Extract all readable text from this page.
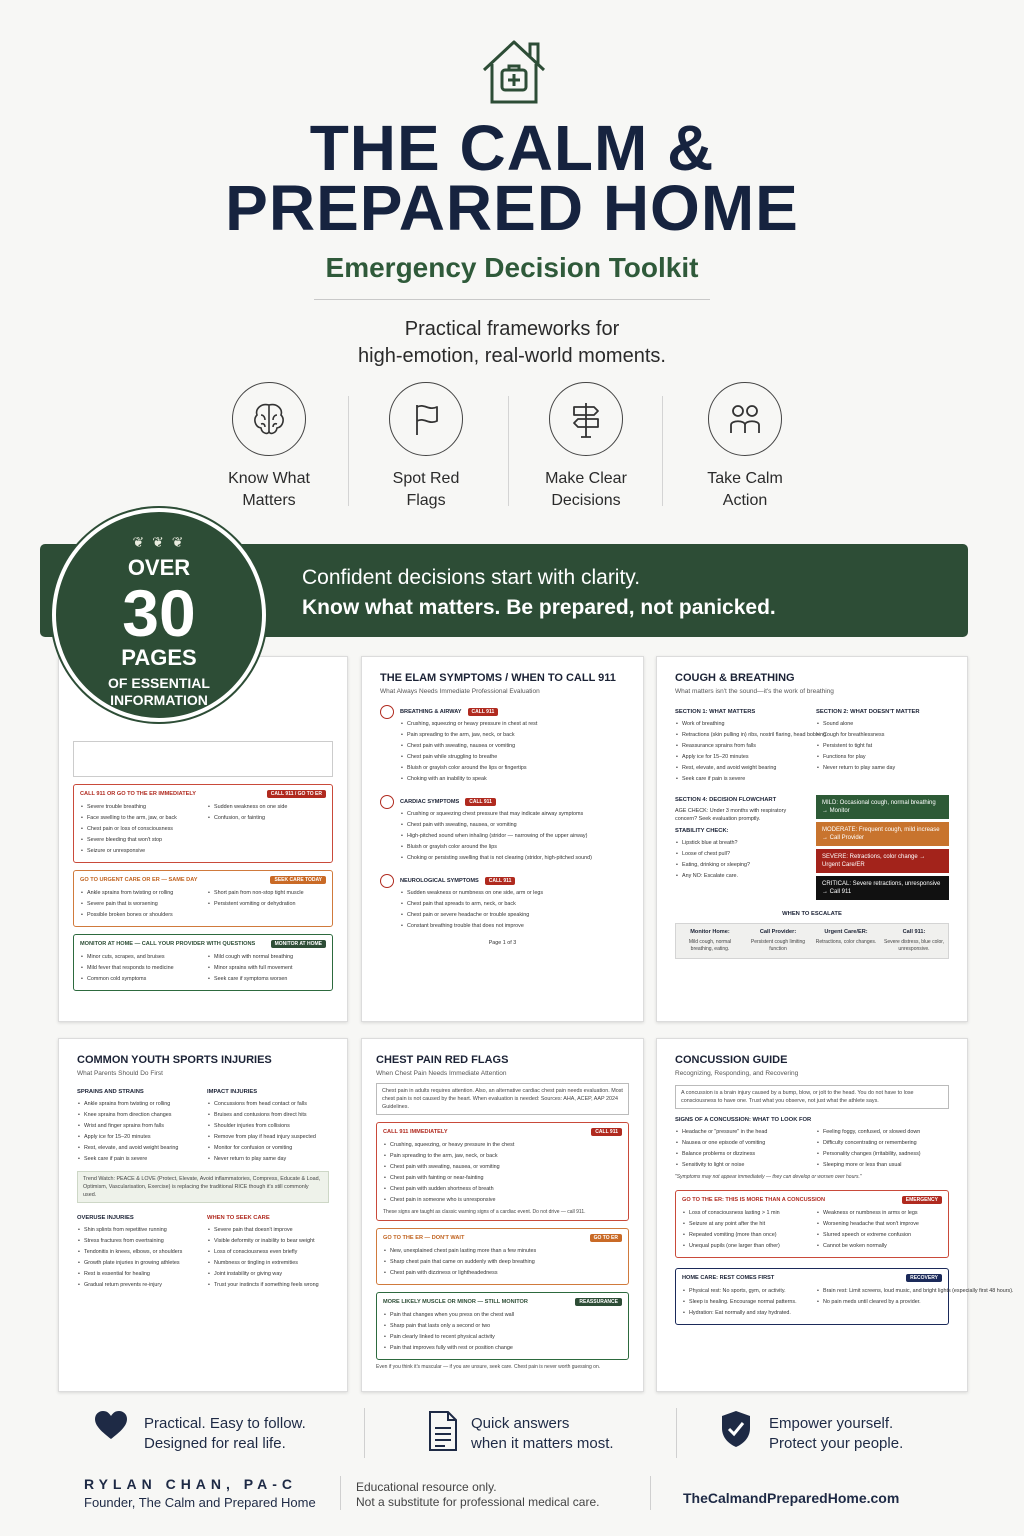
THE CALM &
PREPARED HOME
Emergency Decision Toolkit
Practical frameworks for
high-emotion, real-world moments.
Know What
Matters
Spot Red
Flags
Make Clear
Decisions
Take Calm
Action
Confident decisions start with clarity.
Know what matters. Be prepared, not panicked.
CALL 911 OR GO TO THE ER IMMEDIATELY	CALL 911 / GO TO ER
• Severe trouble breathing
• Face swelling to the arm, jaw, or back
• Chest pain or loss of consciousness
• Severe bleeding that won't stop
• Seizure or unresponsive
• Sudden weakness on one side
• Confusion, or fainting
GO TO URGENT CARE OR ER — SAME DAY	SEEK CARE TODAY
• Ankle sprains from twisting or rolling
• Severe pain that is worsening
• Possible broken bones or shoulders
• Short pain from non-stop tight muscle
• Persistent vomiting or dehydration
MONITOR AT HOME — CALL YOUR PROVIDER WITH QUESTIONS	MONITOR AT HOME
• Minor cuts, scrapes, and bruises
• Mild fever that responds to medicine
• Common cold symptoms
• Mild cough with normal breathing
• Minor sprains with full movement
• Seek care if symptoms worsen
THE ELAM SYMPTOMS / WHEN TO CALL 911
What Always Needs Immediate Professional Evaluation
BREATHING & AIRWAY	CALL 911
• Crushing, squeezing or heavy pressure in chest at rest
• Pain spreading to the arm, jaw, neck, or back
• Chest pain with sweating, nausea or vomiting
• Chest pain while struggling to breathe
• Bluish or grayish color around the lips or fingertips
• Choking with an inability to speak
CARDIAC SYMPTOMS	CALL 911
• Crushing or squeezing chest pressure that may indicate airway symptoms
• Chest pain with sweating, nausea, or vomiting
• High-pitched sound when inhaling (stridor — narrowing of the upper airway)
• Bluish or grayish color around the lips
• Choking or persisting swelling that is not clearing (stridor, high-pitched sound)
NEUROLOGICAL SYMPTOMS	CALL 911
• Sudden weakness or numbness on one side, arm or legs
• Chest pain that spreads to arm, neck, or back
• Chest pain or severe headache or trouble speaking
• Constant breathing trouble that does not improve
Page 1 of 3
COUGH & BREATHING
What matters isn't the sound—it's the work of breathing
SECTION 1: WHAT MATTERS
• Work of breathing
• Retractions (skin pulling in) ribs, nostril flaring, head bobbing
• Reassurance sprains from falls
• Apply ice for 15–20 minutes
• Rest, elevate, and avoid weight bearing
• Seek care if pain is severe
SECTION 2: WHAT DOESN'T MATTER
• Sound alone
• Cough for breathlessness
• Persistent to tight fat
• Functions for play
• Never return to play same day
SECTION 4: DECISION FLOWCHART
AGE CHECK: Under 3 months with respiratory concern? Seek evaluation promptly.
STABILITY CHECK:
• Lipstick blue at breath?
• Loose of chest pull?
• Eating, drinking or sleeping?
• Any NO: Escalate care.
MILD: Occasional cough, normal breathing → Monitor
MODERATE: Frequent cough, mild increase → Call Provider
SEVERE: Retractions, color change → Urgent Care/ER
CRITICAL: Severe retractions, unresponsive → Call 911
WHEN TO ESCALATE
Monitor Home:
Mild cough, normal breathing, eating.
Call Provider:
Persistent cough limiting function
Urgent Care/ER:
Retractions, color changes.
Call 911:
Severe distress, blue color, unresponsive.
❦ ❦ ❦
OVER
30
PAGES
OF ESSENTIAL
INFORMATION
COMMON YOUTH SPORTS INJURIES
What Parents Should Do First
SPRAINS AND STRAINS
• Ankle sprains from twisting or rolling
• Knee sprains from direction changes
• Wrist and finger sprains from falls
• Apply ice for 15–20 minutes
• Rest, elevate, and avoid weight bearing
• Seek care if pain is severe
IMPACT INJURIES
• Concussions from head contact or falls
• Bruises and contusions from direct hits
• Shoulder injuries from collisions
• Remove from play if head injury suspected
• Monitor for confusion or vomiting
• Never return to play same day
Trend Watch: PEACE & LOVE (Protect, Elevate, Avoid inflammatories, Compress, Educate & Load, Optimism, Vascularisation, Exercise) is replacing the traditional RICE though it's still commonly used.
OVERUSE INJURIES
• Shin splints from repetitive running
• Stress fractures from overtraining
• Tendonitis in knees, elbows, or shoulders
• Growth plate injuries in growing athletes
• Rest is essential for healing
• Gradual return prevents re-injury
WHEN TO SEEK CARE
• Severe pain that doesn't improve
• Visible deformity or inability to bear weight
• Loss of consciousness even briefly
• Numbness or tingling in extremities
• Joint instability or giving way
• Trust your instincts if something feels wrong
CHEST PAIN RED FLAGS
When Chest Pain Needs Immediate Attention
Chest pain in adults requires attention. Also, an alternative cardiac chest pain needs evaluation. Most chest pain is not caused by the heart. When evaluation is needed: Sources: AHA, ACEP, AAP 2024 Guidelines.
CALL 911 IMMEDIATELY	CALL 911
• Crushing, squeezing, or heavy pressure in the chest
• Pain spreading to the arm, jaw, neck, or back
• Chest pain with sweating, nausea, or vomiting
• Chest pain with fainting or near-fainting
• Chest pain with sudden shortness of breath
• Chest pain in someone who is unresponsive
These signs are taught as classic warning signs of a cardiac event. Do not drive — call 911.
GO TO THE ER — DON'T WAIT	GO TO ER
• New, unexplained chest pain lasting more than a few minutes
• Sharp chest pain that came on suddenly with deep breathing
• Chest pain with dizziness or lightheadedness
MORE LIKELY MUSCLE OR MINOR — STILL MONITOR	REASSURANCE
• Pain that changes when you press on the chest wall
• Sharp pain that lasts only a second or two
• Pain clearly linked to recent physical activity
• Pain that improves fully with rest or position change
Even if you think it's muscular — if you are unsure, seek care. Chest pain is never worth guessing on.
CONCUSSION GUIDE
Recognizing, Responding, and Recovering
A concussion is a brain injury caused by a bump, blow, or jolt to the head. You do not have to lose consciousness to have one. Trust what you observe, not just what the athlete says.
SIGNS OF A CONCUSSION: WHAT TO LOOK FOR
• Headache or "pressure" in the head
• Nausea or one episode of vomiting
• Balance problems or dizziness
• Sensitivity to light or noise
• Feeling foggy, confused, or slowed down
• Difficulty concentrating or remembering
• Personality changes (irritability, sadness)
• Sleeping more or less than usual
"Symptoms may not appear immediately — they can develop or worsen over hours."
GO TO THE ER: THIS IS MORE THAN A CONCUSSION	EMERGENCY
• Loss of consciousness lasting > 1 min
• Seizure at any point after the hit
• Repeated vomiting (more than once)
• Unequal pupils (one larger than other)
• Weakness or numbness in arms or legs
• Worsening headache that won't improve
• Slurred speech or extreme confusion
• Cannot be woken normally
HOME CARE: REST COMES FIRST	RECOVERY
• Physical rest: No sports, gym, or activity.
• Sleep is healing. Encourage normal patterns.
• Hydration: Eat normally and stay hydrated.
• Brain rest: Limit screens, loud music, and bright lights (especially first 48 hours).
• No pain meds until cleared by a provider.
Practical. Easy to follow.
Designed for real life.
Quick answers
when it matters most.
Empower yourself.
Protect your people.
RYLAN CHAN, PA-C
Founder, The Calm and Prepared Home
Educational resource only.
Not a substitute for professional medical care.	TheCalmandPreparedHome.com
